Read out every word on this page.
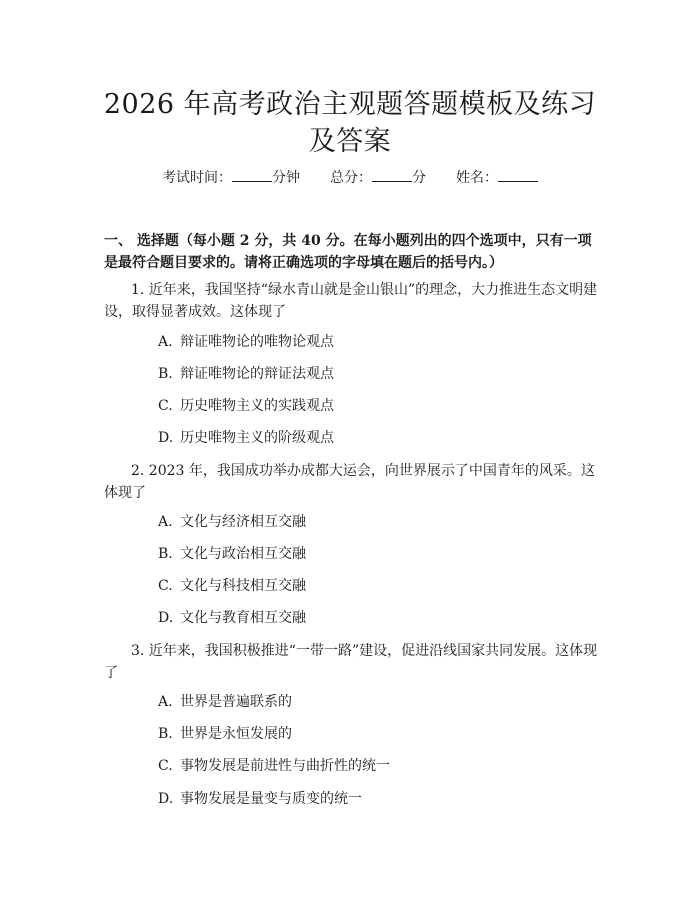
2026 年高考政治主观题答题模板及练习及答案
考试时间：	分钟 总分：	分 姓名：
一、 选择题（每小题 2 分，共 40 分。在每小题列出的四个选项中，只有一项是最符合题目要求的。请将正确选项的字母填在题后的括号内。）
1. 近年来，我国坚持“绿水青山就是金山银山”的理念，大力推进生态文明建设，取得显著成效。这体现了
A. 辩证唯物论的唯物论观点
B. 辩证唯物论的辩证法观点
C. 历史唯物主义的实践观点
D. 历史唯物主义的阶级观点
2. 2023 年，我国成功举办成都大运会，向世界展示了中国青年的风采。这体现了
A. 文化与经济相互交融
B. 文化与政治相互交融
C. 文化与科技相互交融
D. 文化与教育相互交融
3. 近年来，我国积极推进“一带一路”建设，促进沿线国家共同发展。这体现了
A. 世界是普遍联系的
B. 世界是永恒发展的
C. 事物发展是前进性与曲折性的统一
D. 事物发展是量变与质变的统一
